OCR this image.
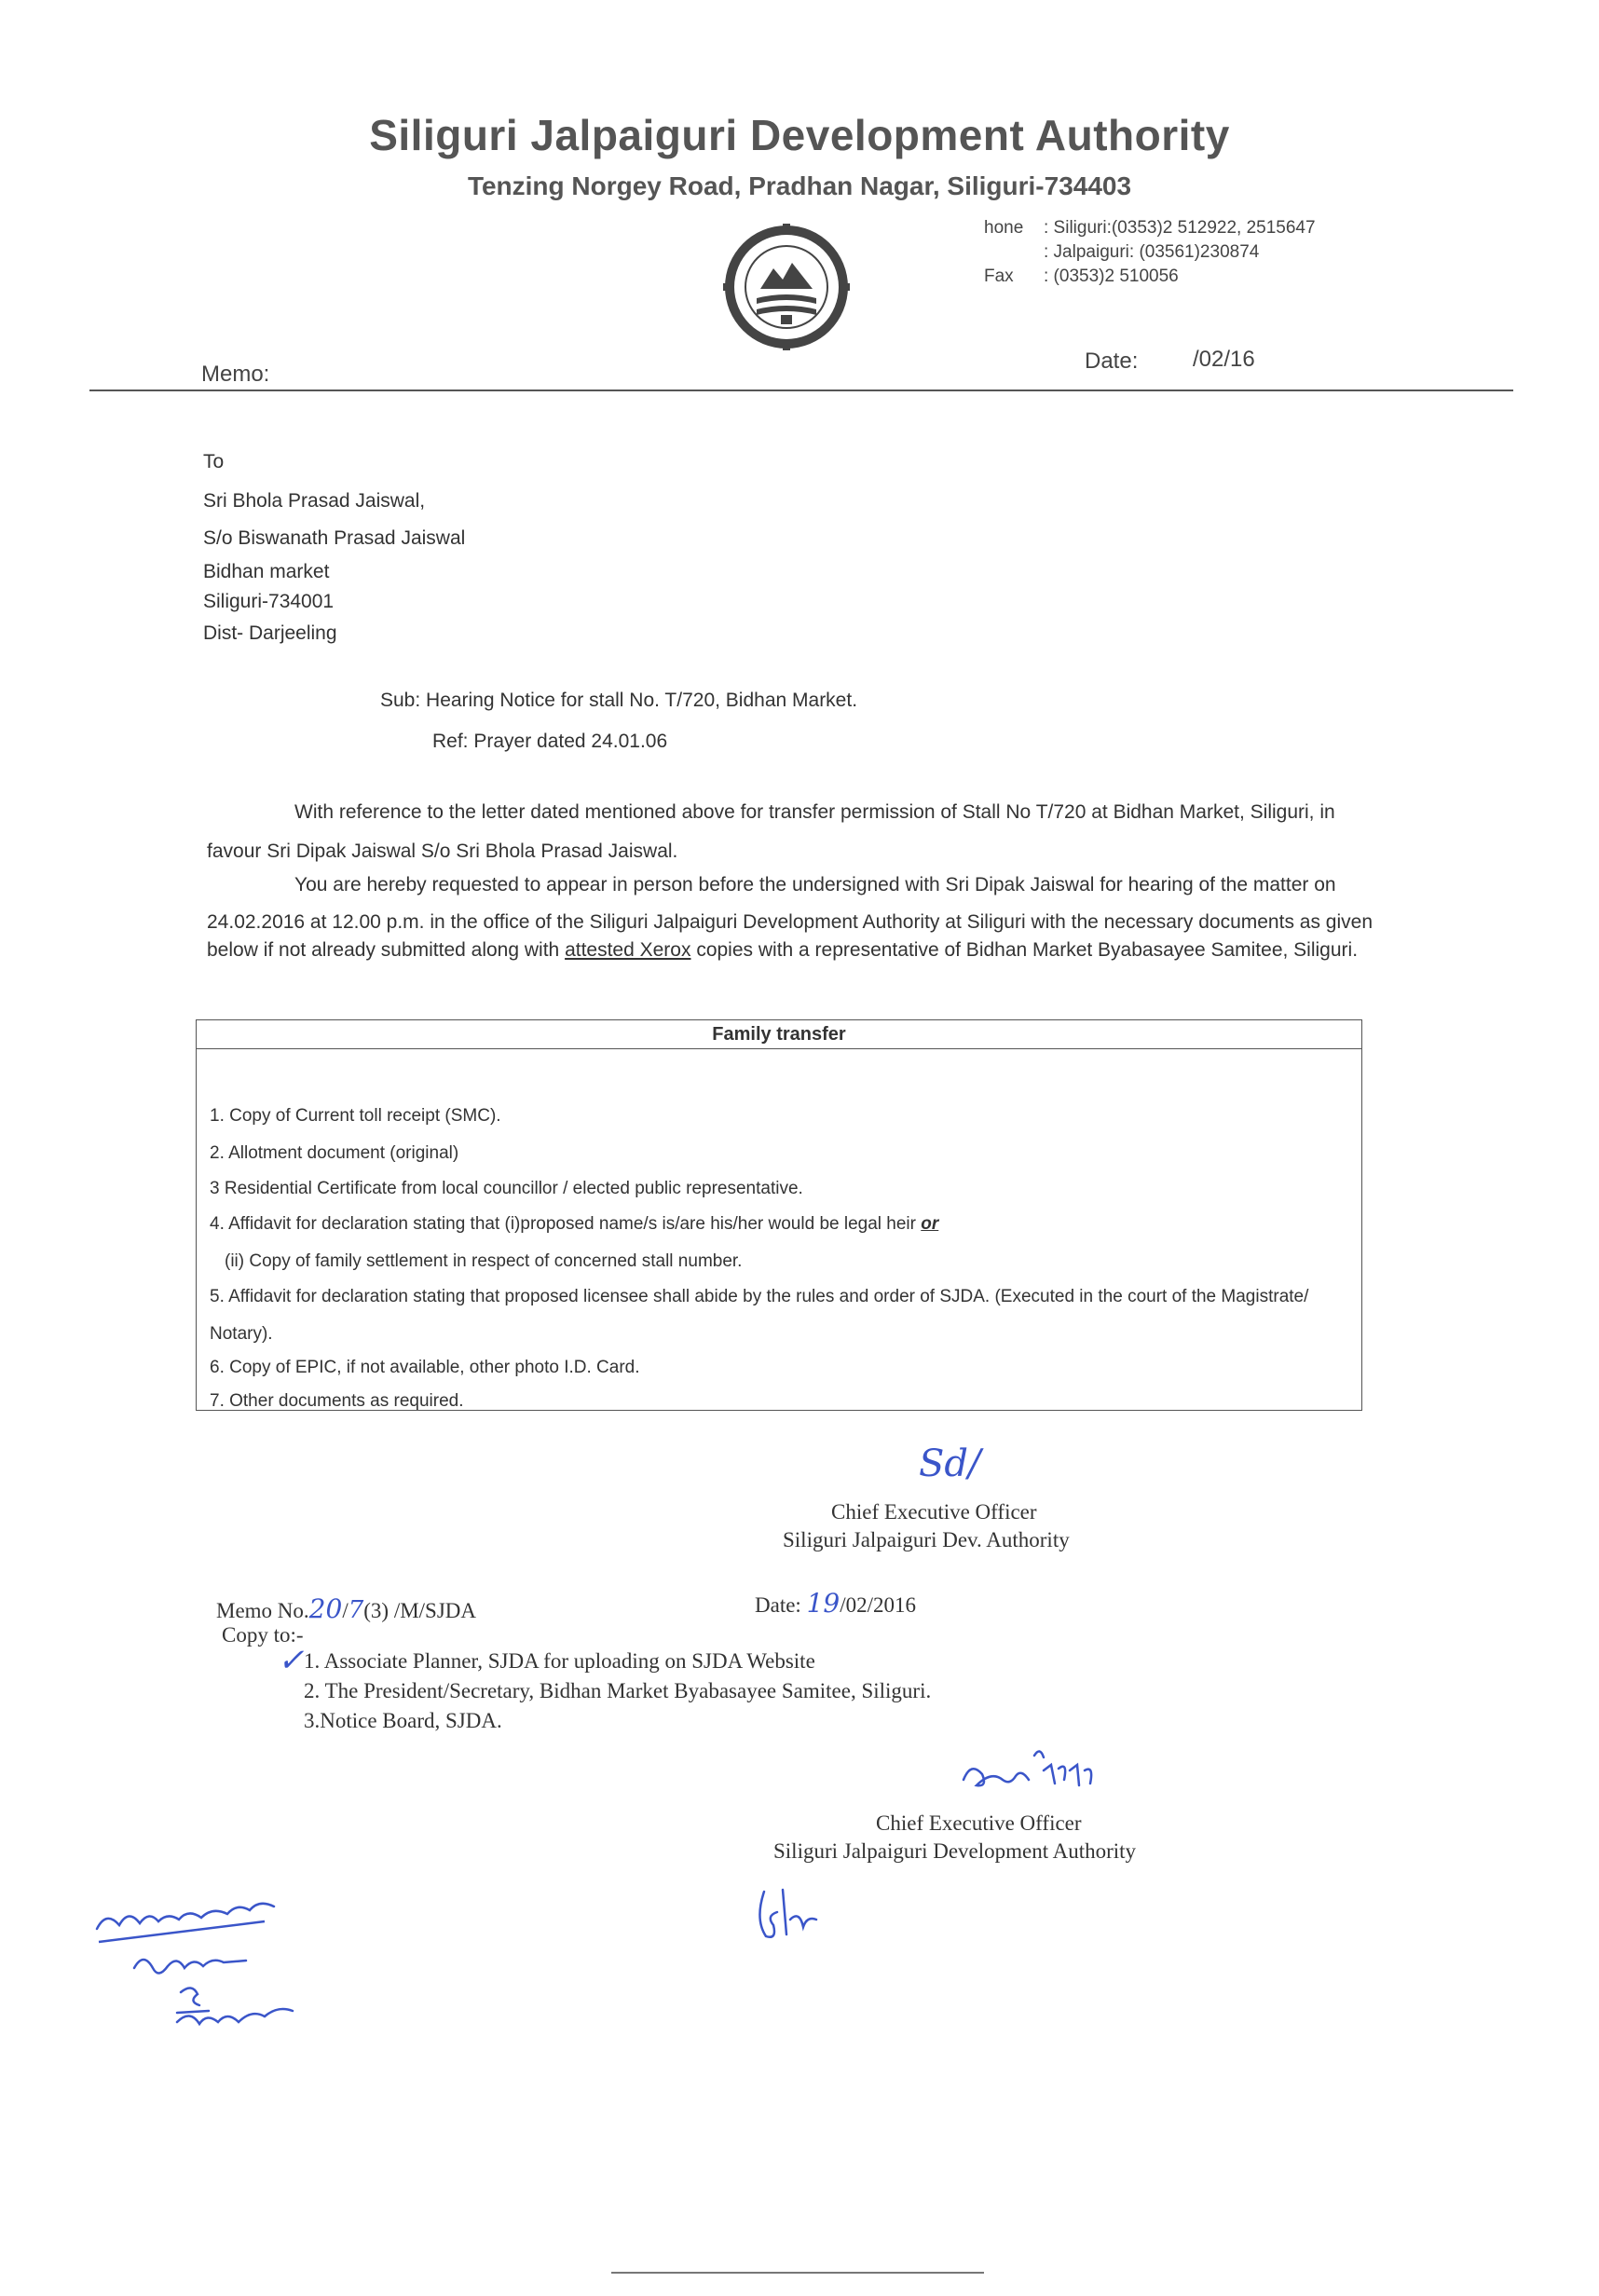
Siliguri Jalpaiguri Development Authority
Tenzing Norgey Road, Pradhan Nagar, Siliguri-734403
hone	: Siliguri:(0353)2 512922, 2515647
: Jalpaiguri: (03561)230874
Fax	: (0353)2 510056
Memo:
Date: /02/16
To
Sri Bhola Prasad Jaiswal,
S/o Biswanath Prasad Jaiswal
Bidhan market
Siliguri-734001
Dist- Darjeeling
Sub: Hearing Notice for stall No. T/720, Bidhan Market.
Ref: Prayer dated 24.01.06
With reference to the letter dated mentioned above for transfer permission of Stall No T/720 at Bidhan Market, Siliguri, in
favour Sri Dipak Jaiswal S/o Sri Bhola Prasad Jaiswal.
You are hereby requested to appear in person before the undersigned with Sri Dipak Jaiswal for hearing of the matter on
24.02.2016 at 12.00 p.m. in the office of the Siliguri Jalpaiguri Development Authority at Siliguri with the necessary documents as given
below if not already submitted along with attested Xerox copies with a representative of Bidhan Market Byabasayee Samitee, Siliguri.
Family transfer
1. Copy of Current toll receipt (SMC).
2. Allotment document (original)
3 Residential Certificate from local councillor / elected public representative.
4. Affidavit for declaration stating that (i)proposed name/s is/are his/her would be legal heir or
(ii) Copy of family settlement in respect of concerned stall number.
5. Affidavit for declaration stating that proposed licensee shall abide by the rules and order of SJDA. (Executed in the court of the Magistrate/
Notary).
6. Copy of EPIC, if not available, other photo I.D. Card.
7. Other documents as required.
Sd/
Chief Executive Officer
Siliguri Jalpaiguri Dev. Authority
Memo No.20/7(3) /M/SJDA	Date: 19/02/2016
Copy to:-
✓ 1. Associate Planner, SJDA for uploading on SJDA Website
2. The President/Secretary, Bidhan Market Byabasayee Samitee, Siliguri.
3.Notice Board, SJDA.
Chief Executive Officer
Siliguri Jalpaiguri Development Authority
